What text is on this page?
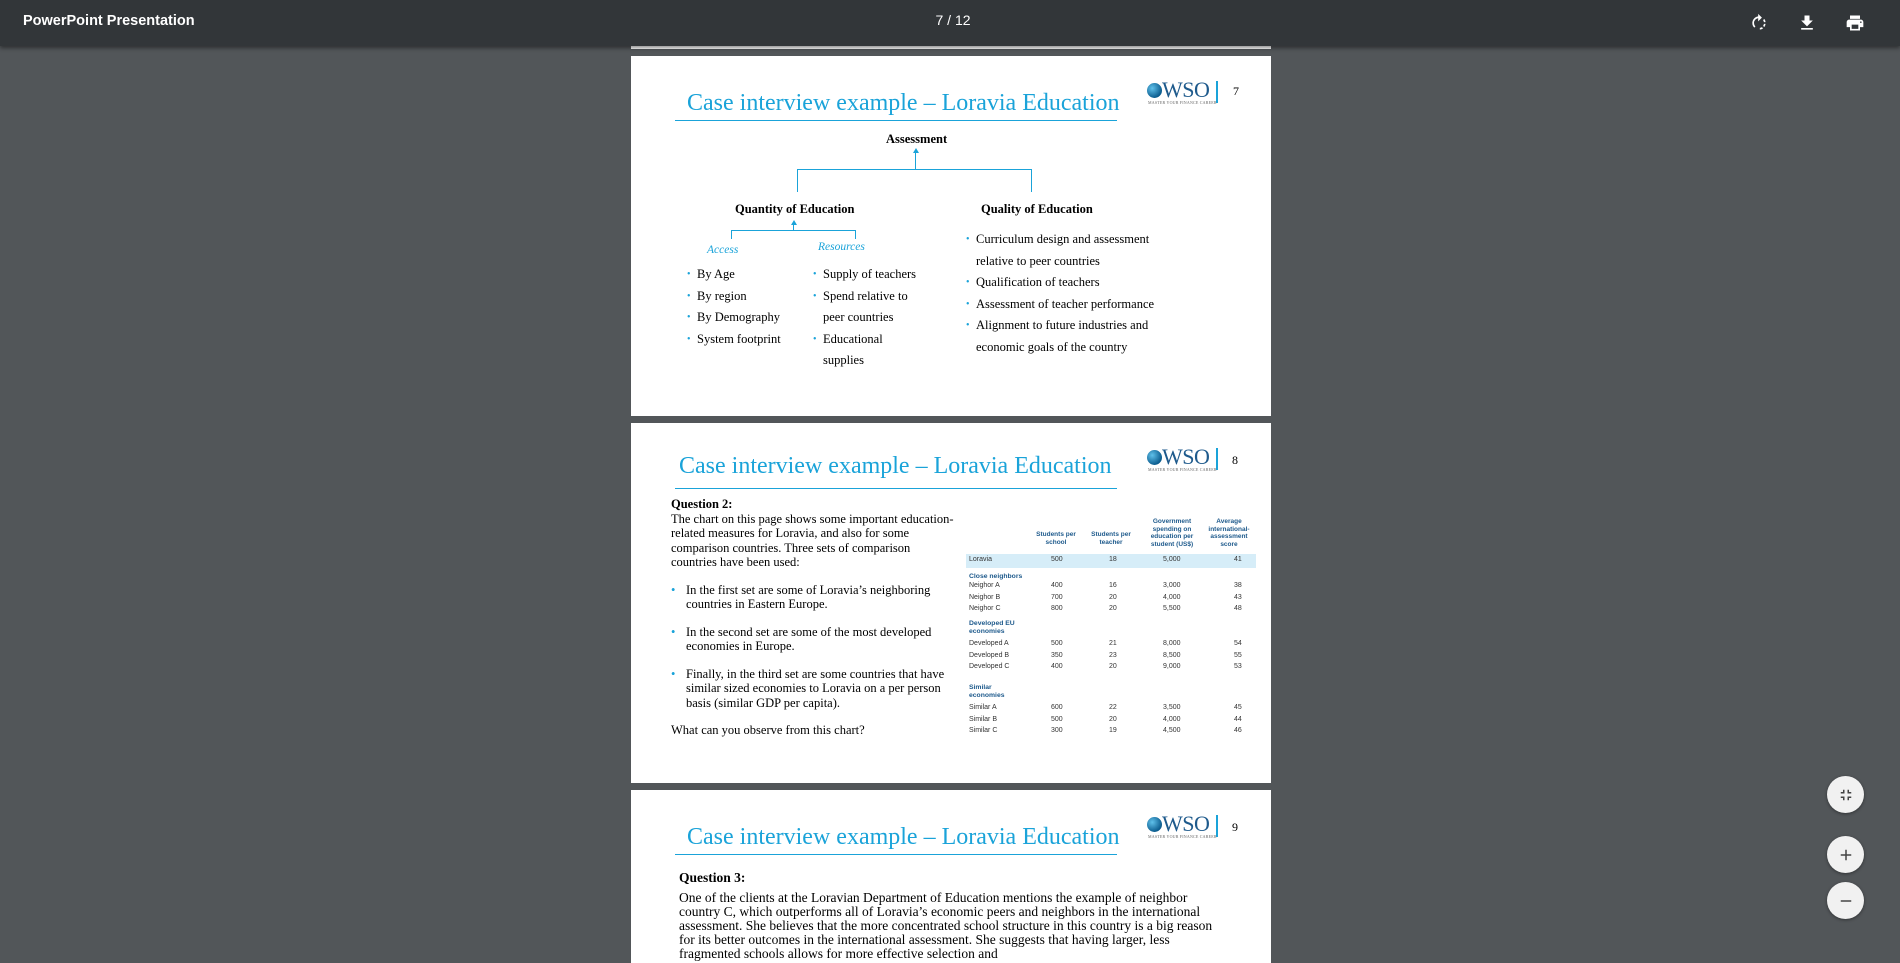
PowerPoint Presentation	7 / 12
Case interview example – Loravia Education
WSO
MASTER YOUR FINANCE CAREER
7
Assessment
Quantity of Education	Quality of Education
Access	Resources
• By Age
• By region
• By Demography
• System footprint
• Supply of teachers
• Spend relative to
peer countries
• Educational
supplies
• Curriculum design and assessment
relative to peer countries
• Qualification of teachers
• Assessment of teacher performance
• Alignment to future industries and
economic goals of the country
Case interview example – Loravia Education WSO
MASTER YOUR FINANCE CAREER
8
Question 2:
The chart on this page shows some important education-related measures for Loravia, and also for some comparison countries. Three sets of comparison countries have been used:
• In the first set are some of Loravia’s neighboring countries in Eastern Europe.
• In the second set are some of the most developed economies in Europe.
• Finally, in the third set are some countries that have similar sized economies to Loravia on a per person basis (similar GDP per capita).
What can you observe from this chart?
Students per school
Students per teacher
Government spending on education per student (US$)
Average international-assessment score
Loravia	500	18	5,000	41
Close neighbors
Neighor A	400	16	3,000	38
Neighor B	700	20	4,000	43
Neighor C	800	20	5,500	48
Developed EU economies
Developed A	500	21	8,000	54
Developed B	350	23	8,500	55
Developed C	400	20	9,000	53
Similar economies
Similar A	600	22	3,500	45
Similar B	500	20	4,000	44
Similar C	300	19	4,500	46
Case interview example – Loravia Education
WSO
MASTER YOUR FINANCE CAREER
9
Question 3:
One of the clients at the Loravian Department of Education mentions the example of neighbor country C, which outperforms all of Loravia’s economic peers and neighbors in the international assessment. She believes that the more concentrated school structure in this country is a big reason for its better outcomes in the international assessment. She suggests that having larger, less fragmented schools allows for more effective selection and
